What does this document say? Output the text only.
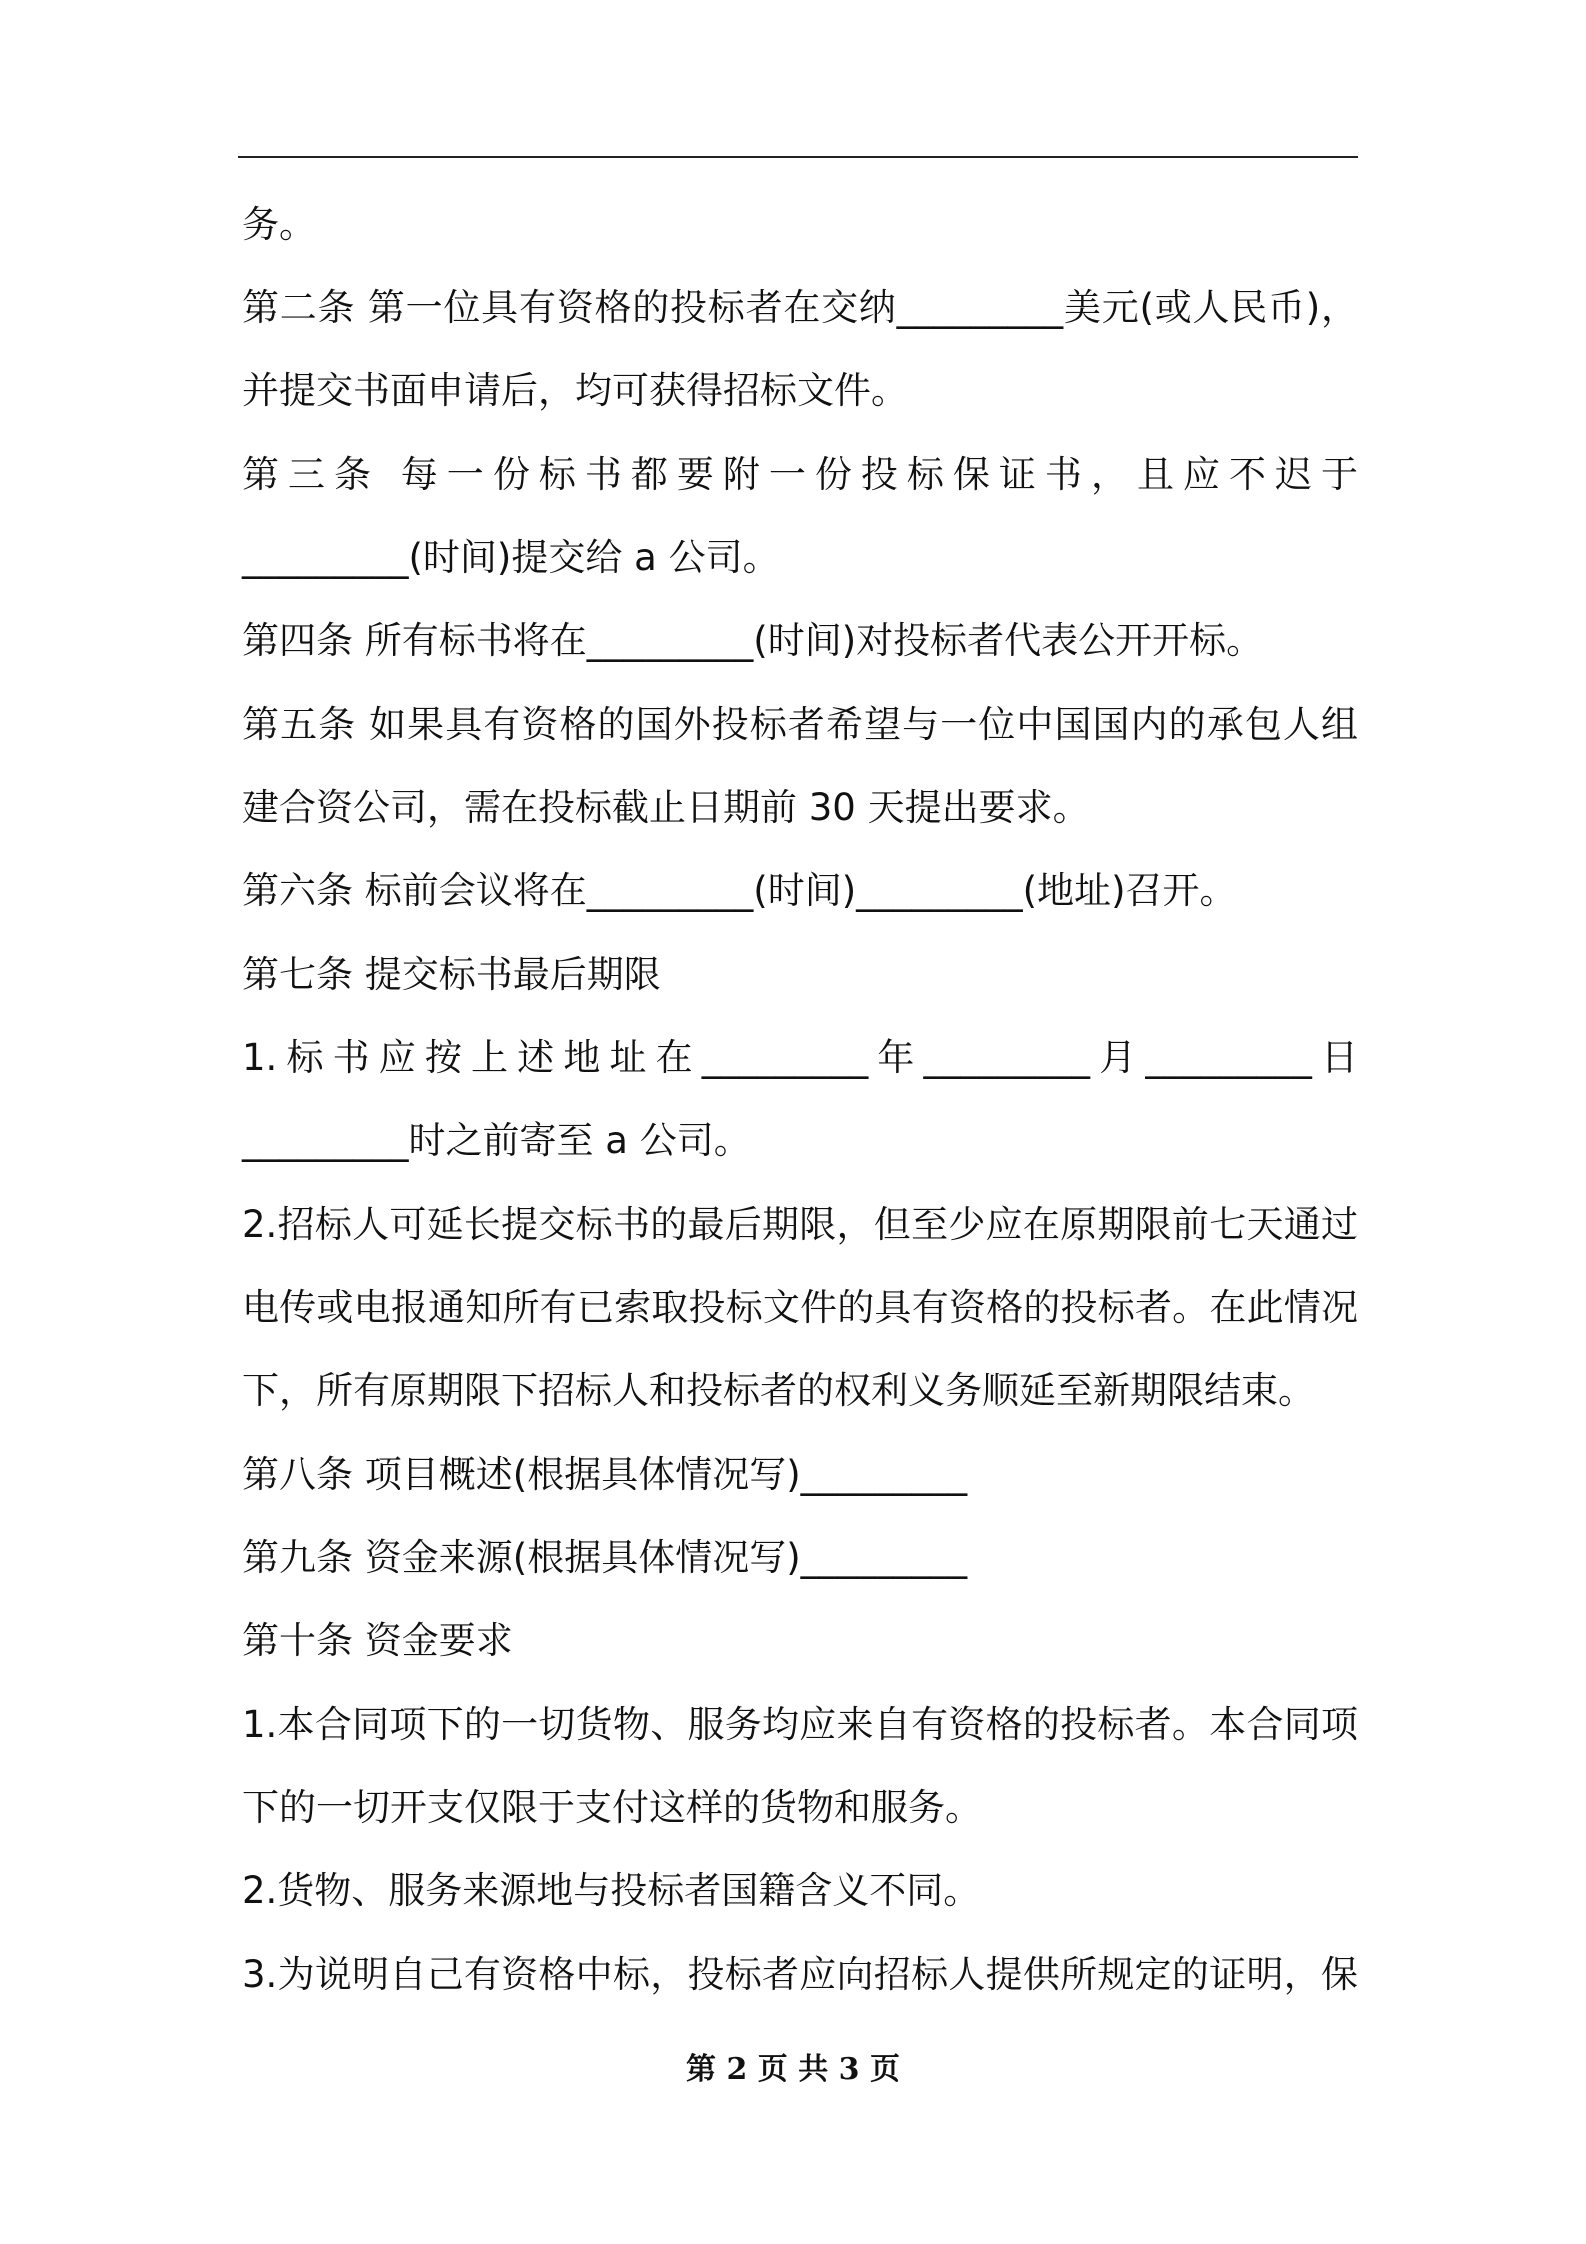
务。
第二条 第一位具有资格的投标者在交纳_________美元(或人民币)，
并提交书面申请后，均可获得招标文件。
第三条 每一份标书都要附一份投标保证书，且应不迟于
_________(时间)提交给 a 公司。
第四条 所有标书将在_________(时间)对投标者代表公开开标。
第五条 如果具有资格的国外投标者希望与一位中国国内的承包人组
建合资公司，需在投标截止日期前 30 天提出要求。
第六条 标前会议将在_________(时间)_________(地址)召开。
第七条 提交标书最后期限
1.标书应按上述地址在_________年_________月_________日
_________时之前寄至 a 公司。
2.招标人可延长提交标书的最后期限，但至少应在原期限前七天通过
电传或电报通知所有已索取投标文件的具有资格的投标者。在此情况
下，所有原期限下招标人和投标者的权利义务顺延至新期限结束。
第八条 项目概述(根据具体情况写)_________
第九条 资金来源(根据具体情况写)_________
第十条 资金要求
1.本合同项下的一切货物、服务均应来自有资格的投标者。本合同项
下的一切开支仅限于支付这样的货物和服务。
2.货物、服务来源地与投标者国籍含义不同。
3.为说明自己有资格中标，投标者应向招标人提供所规定的证明，保
第 2 页 共 3 页
